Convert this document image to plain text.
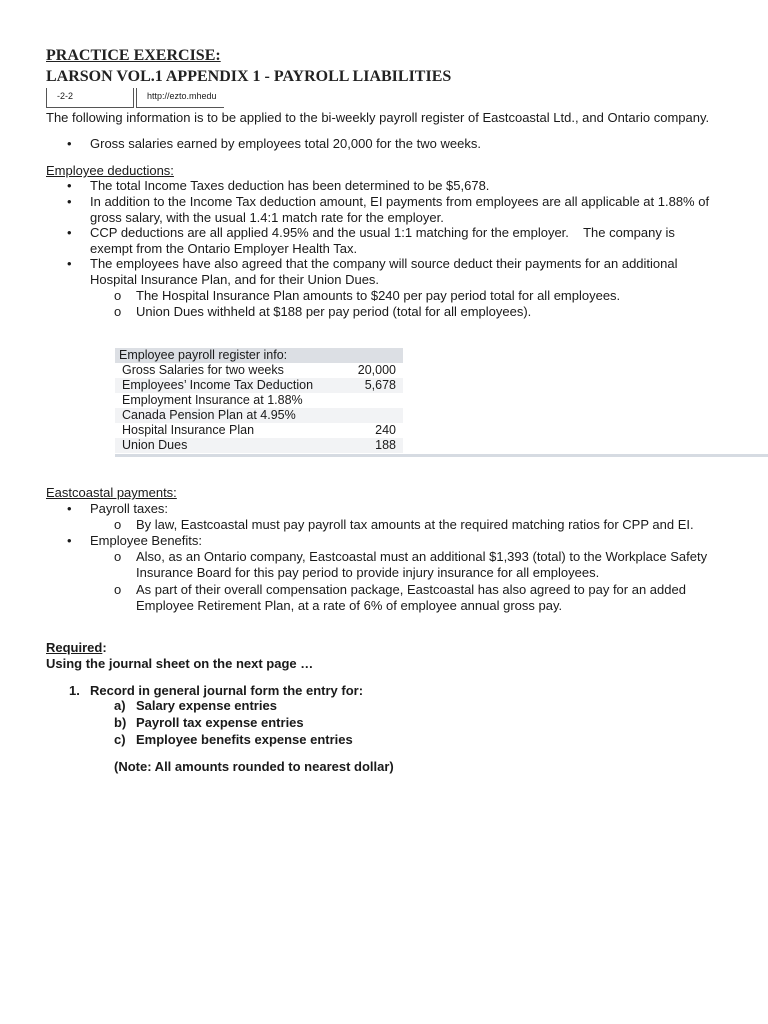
PRACTICE EXERCISE:
LARSON VOL.1 APPENDIX 1 - PAYROLL LIABILITIES
-2-2	http://ezto.mhedu
The following information is to be applied to the bi-weekly payroll register of Eastcoastal Ltd., and Ontario company.
• Gross salaries earned by employees total 20,000 for the two weeks.
Employee deductions:
• The total Income Taxes deduction has been determined to be $5,678.
• In addition to the Income Tax deduction amount, EI payments from employees are all applicable at 1.88% of
gross salary, with the usual 1.4:1 match rate for the employer.
• CCP deductions are all applied 4.95% and the usual 1:1 matching for the employer.    The company is
exempt from the Ontario Employer Health Tax.
• The employees have also agreed that the company will source deduct their payments for an additional
Hospital Insurance Plan, and for their Union Dues.
o The Hospital Insurance Plan amounts to $240 per pay period total for all employees.
o Union Dues withheld at $188 per pay period (total for all employees).
Employee payroll register info:
Gross Salaries for two weeks	20,000
Employees’ Income Tax Deduction	5,678
Employment Insurance at 1.88%
Canada Pension Plan at 4.95%
Hospital Insurance Plan	240
Union Dues	188
Eastcoastal payments:
• Payroll taxes:
o By law, Eastcoastal must pay payroll tax amounts at the required matching ratios for CPP and EI.
• Employee Benefits:
o Also, as an Ontario company, Eastcoastal must an additional $1,393 (total) to the Workplace Safety
Insurance Board for this pay period to provide injury insurance for all employees.
o As part of their overall compensation package, Eastcoastal has also agreed to pay for an added
Employee Retirement Plan, at a rate of 6% of employee annual gross pay.
Required:
Using the journal sheet on the next page …
1. Record in general journal form the entry for:
a) Salary expense entries
b) Payroll tax expense entries
c) Employee benefits expense entries
(Note: All amounts rounded to nearest dollar)
